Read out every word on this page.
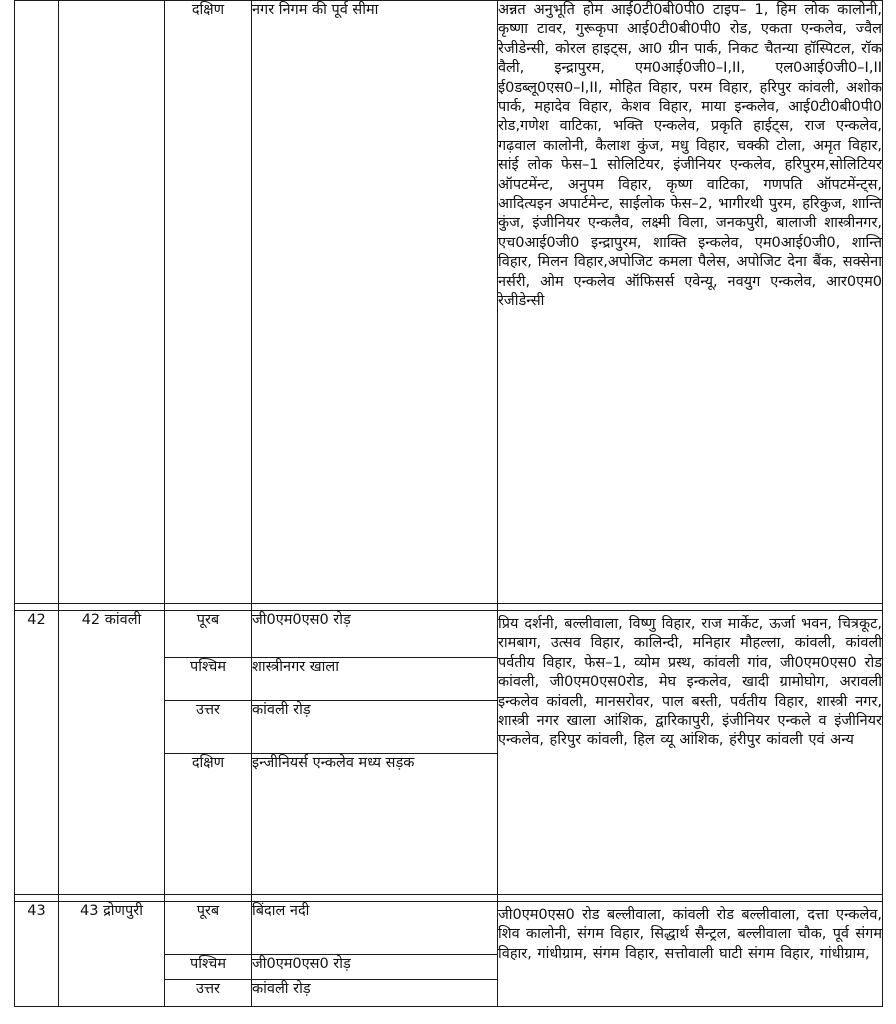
		दक्षिण	नगर निगम की पूर्व सीमा	अन्नत अनुभूति होम आई0टी0बी0पी0 टाइप– 1, हिम लोक कालोनी, कृष्णा टावर, गुरूकृपा आई0टी0बी0पी0 रोड, एकता एन्कलेव, ज्वैल रेजीडेन्सी, कोरल हाइट्स, आ0 ग्रीन पार्क, निकट चैतन्या हॉस्पिटल, रॉक वैली, इन्द्रापुरम, एम0आई0जी0–I,II, एल0आई0जी0–I,II ई0डब्लू0एस0–I,II, मोहित विहार, परम विहार, हरिपुर कांवली, अशोक पार्क, महादेव विहार, केशव विहार, माया इन्कलेव, आई0टी0बी0पी0 रोड,गणेश वाटिका, भक्ति एन्कलेव, प्रकृति हाईट्स, राज एन्कलेव, गढ़वाल कालोनी, कैलाश कुंज, मधु विहार, चक्की टोला, अमृत विहार, सांई लोक फेस–1 सोलिटियर, इंजीनियर एन्कलेव, हरिपुरम,सोलिटियर ऑपटमेंन्ट, अनुपम विहार, कृष्ण वाटिका, गणपति ऑपटमेंन्ट्स, आदित्यइन अपार्टमेन्ट, साईलोक फेस–2, भागीरथी पुरम, हरिकुज, शान्ति कुंज, इंजीनियर एन्कलैव, लक्ष्मी विला, जनकपुरी, बालाजी शास्त्रीनगर, एच0आई0जी0 इन्द्रापुरम, शाक्ति इन्कलेव, एम0आई0जी0, शान्ति विहार, मिलन विहार,अपोजिट कमला पैलेस, अपोजिट देना बैंक, सक्सेना नर्सरी, ओम एन्कलेव ऑफिसर्स एवेन्यू, नवयुग एन्कलेव, आर0एम0 रेजीडेन्सी

42	42 कांवली	पूरब	जी0एम0एस0 रोड़	प्रिय दर्शनी, बल्लीवाला, विष्णु विहार, राज मार्केट, ऊर्जा भवन, चित्रकूट, रामबाग, उत्सव विहार, कालिन्दी, मनिहार मौहल्ला, कांवली, कांवली पर्वतीय विहार, फेस–1, व्योम प्रस्थ, कांवली गांव, जी0एम0एस0 रोड कांवली, जी0एम0एस0रोड, मेघ इन्कलेव, खादी ग्रामोघोग, अरावली इन्कलेव कांवली, मानसरोवर, पाल बस्ती, पर्वतीय विहार, शास्त्री नगर, शास्त्री नगर खाला आंशिक, द्वारिकापुरी, इंजीनियर एन्कले व इंजीनियर एन्कलेव, हरिपुर कांवली, हिल व्यू आंशिक, हंरीपुर कांवली एवं अन्य

		पश्चिम	शास्त्रीनगर खाला	
		उत्तर	कांवली रोड़	
		दक्षिण	इन्जीनियर्स एन्कलेव मध्य सड़क	

43	43 द्रोणपुरी	पूरब	बिंदाल नदी	जी0एम0एस0 रोड बल्लीवाला, कांवली रोड बल्लीवाला, दत्ता एन्कलेव, शिव कालोनी, संगम विहार, सिद्धार्थ सैन्ट्रल, बल्लीवाला चौक, पूर्व संगम विहार, गांधीग्राम, संगम विहार, सत्तोवाली घाटी संगम विहार, गांधीग्राम,

		पश्चिम	जी0एम0एस0 रोड़	
		उत्तर	कांवली रोड़	
